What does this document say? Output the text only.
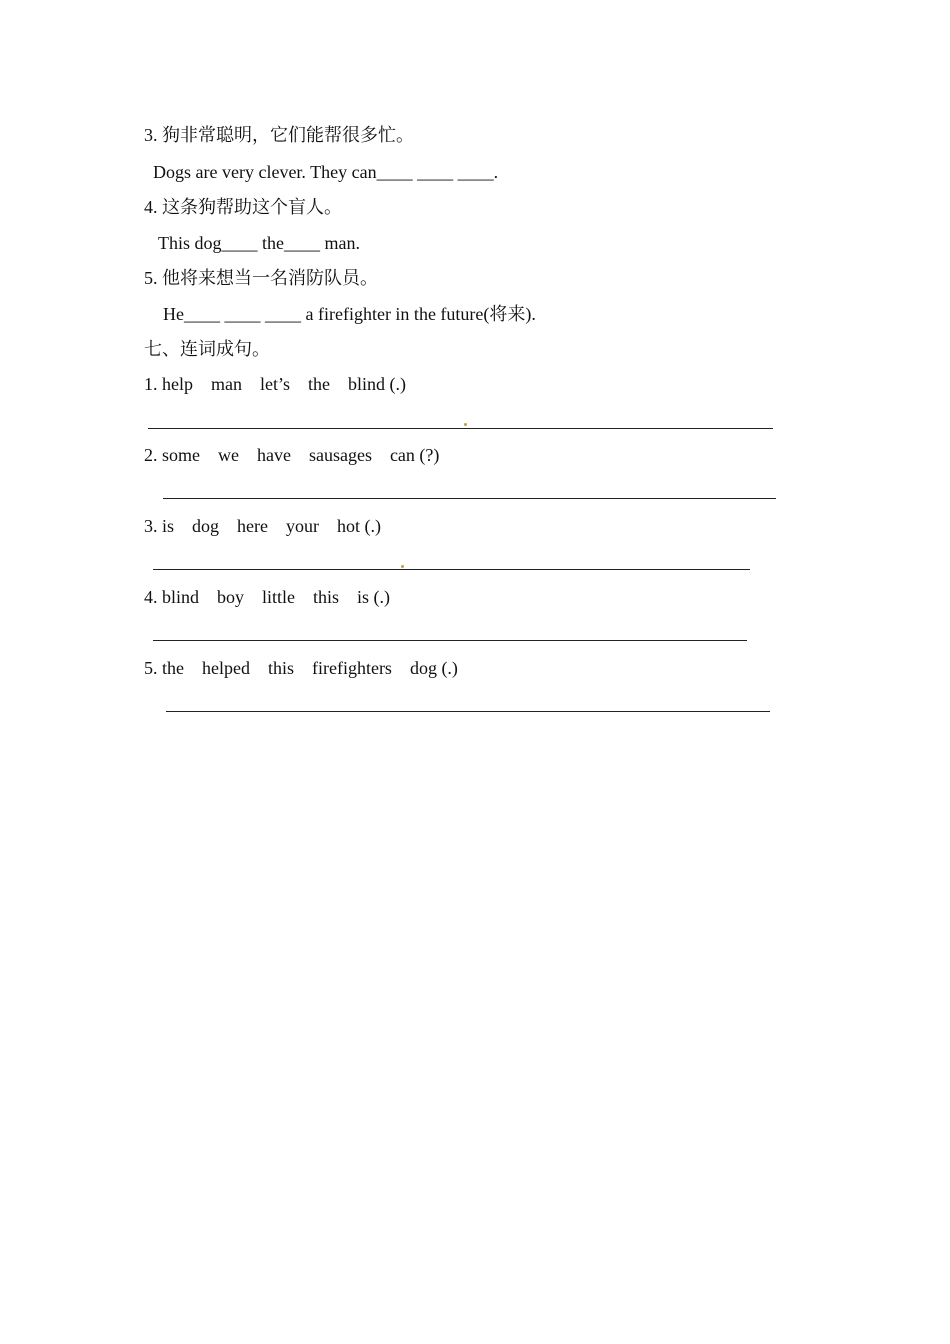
3. 狗非常聪明，它们能帮很多忙。
Dogs are very clever. They can____ ____ ____.
4. 这条狗帮助这个盲人。
This dog____ the____ man.
5. 他将来想当一名消防队员。
He____ ____ ____ a firefighter in the future(将来).
七、连词成句。
1. help    man    let’s    the    blind (.)
2. some    we    have    sausages    can (?)
3. is    dog    here    your    hot (.)
4. blind    boy    little    this    is (.)
5. the    helped    this    firefighters    dog (.)
